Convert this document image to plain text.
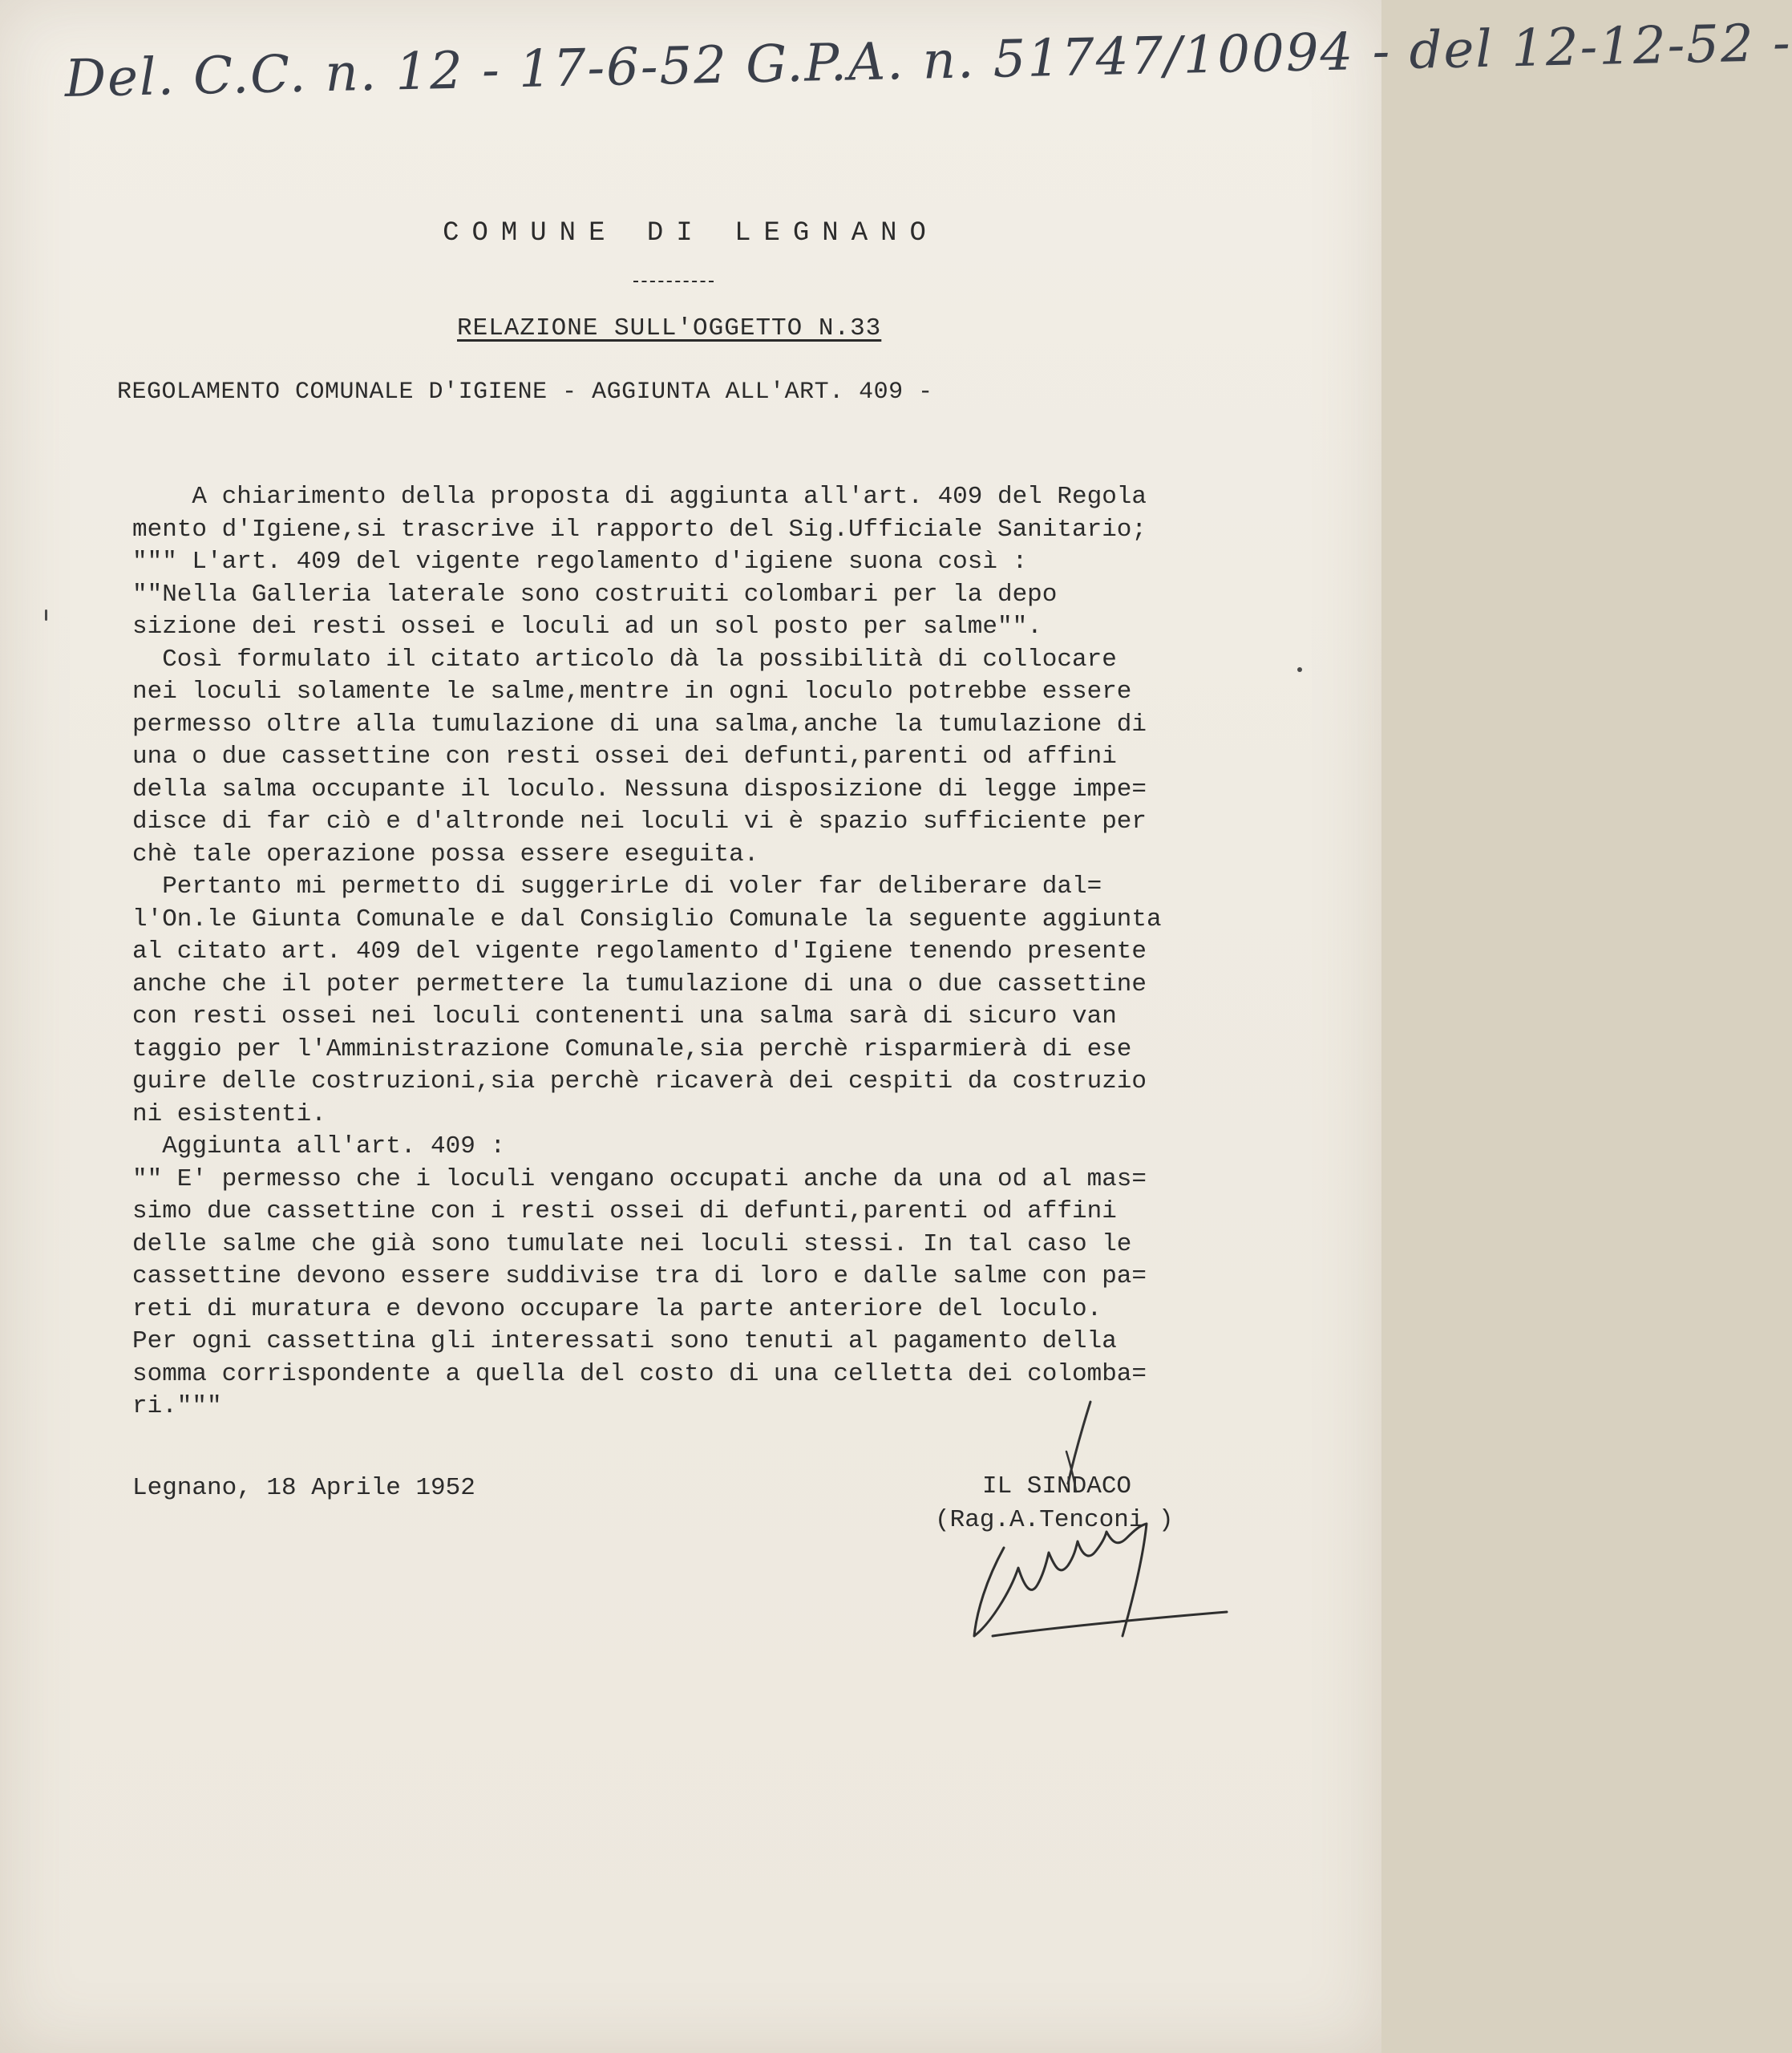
Del. C.C. n. 12 - 17-6-52 G.P.A. n. 51747/10094 - del 12-12-52 -
COMUNE DI LEGNANO
RELAZIONE SULL'OGGETTO N.33
REGOLAMENTO COMUNALE D'IGIENE - AGGIUNTA ALL'ART. 409 -
A chiarimento della proposta di aggiunta all'art. 409 del Regola
mento d'Igiene,si trascrive il rapporto del Sig.Ufficiale Sanitario;
""" L'art. 409 del vigente regolamento d'igiene suona così :
""Nella Galleria laterale sono costruiti colombari per la depo
sizione dei resti ossei e loculi ad un sol posto per salme"".
Così formulato il citato articolo dà la possibilità di collocare
nei loculi solamente le salme,mentre in ogni loculo potrebbe essere
permesso oltre alla tumulazione di una salma,anche la tumulazione di
una o due cassettine con resti ossei dei defunti,parenti od affini
della salma occupante il loculo. Nessuna disposizione di legge impe=
disce di far ciò e d'altronde nei loculi vi è spazio sufficiente per
chè tale operazione possa essere eseguita.
Pertanto mi permetto di suggerirLe di voler far deliberare dal=
l'On.le Giunta Comunale e dal Consiglio Comunale la seguente aggiunta
al citato art. 409 del vigente regolamento d'Igiene tenendo presente
anche che il poter permettere la tumulazione di una o due cassettine
con resti ossei nei loculi contenenti una salma sarà di sicuro van
taggio per l'Amministrazione Comunale,sia perchè risparmierà di ese
guire delle costruzioni,sia perchè ricaverà dei cespiti da costruzio
ni esistenti.
Aggiunta all'art. 409 :
"" E' permesso che i loculi vengano occupati anche da una od al mas=
simo due cassettine con i resti ossei di defunti,parenti od affini
delle salme che già sono tumulate nei loculi stessi. In tal caso le
cassettine devono essere suddivise tra di loro e dalle salme con pa=
reti di muratura e devono occupare la parte anteriore del loculo.
Per ogni cassettina gli interessati sono tenuti al pagamento della
somma corrispondente a quella del costo di una celletta dei colomba=
ri."""
Legnano, 18 Aprile 1952	IL SINDACO
(Rag.A.Tenconi )
